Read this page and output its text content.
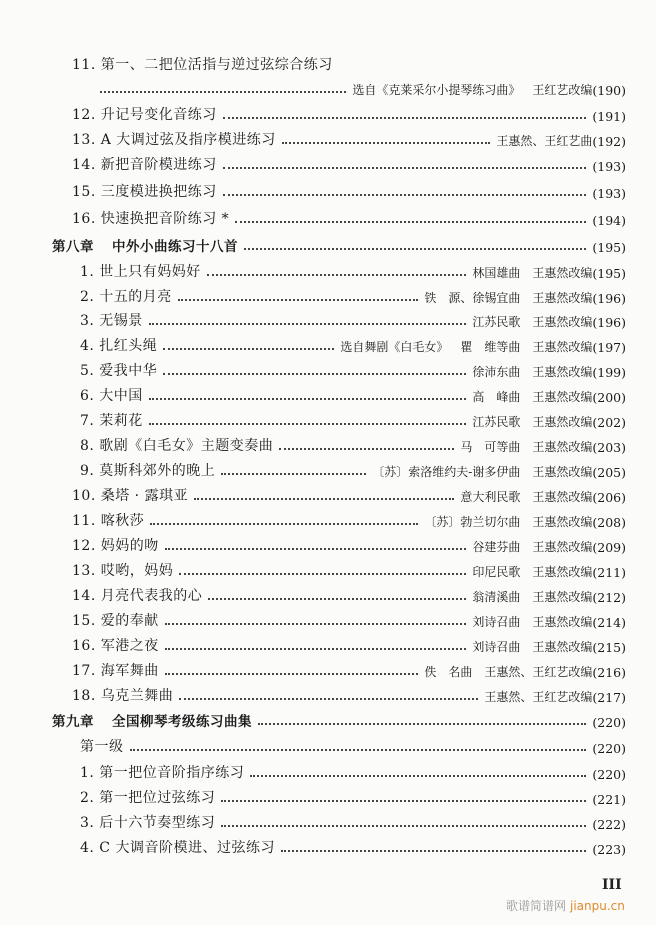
11. 第一、二把位活指与逆过弦综合练习
选自《克莱采尔小提琴练习曲》 王红艺改编 (190)
12. 升记号变化音练习	(191)
13. A 大调过弦及指序模进练习	王惠然、王红艺曲 (192)
14. 新把音阶模进练习	(193)
15. 三度模进换把练习	(193)
16. 快速换把音阶练习 *	(194)
第八章 中外小曲练习十八首	(195)
1. 世上只有妈妈好	林国雄曲 王惠然改编 (195)
2. 十五的月亮	铁　源、徐锡宜曲 王惠然改编 (196)
3. 无锡景	江苏民歌 王惠然改编 (196)
4. 扎红头绳	选自舞剧《白毛女》 瞿　维等曲 王惠然改编 (197)
5. 爱我中华	徐沛东曲 王惠然改编 (199)
6. 大中国	高　峰曲 王惠然改编 (200)
7. 茉莉花	江苏民歌 王惠然改编 (202)
8. 歌剧《白毛女》主题变奏曲	马　可等曲 王惠然改编 (203)
9. 莫斯科郊外的晚上	〔苏〕索洛维约夫-谢多伊曲 王惠然改编 (205)
10. 桑塔 · 露琪亚	意大利民歌 王惠然改编 (206)
11. 喀秋莎	〔苏〕勃兰切尔曲 王惠然改编 (208)
12. 妈妈的吻	谷建芬曲 王惠然改编 (209)
13. 哎哟，妈妈	印尼民歌 王惠然改编 (211)
14. 月亮代表我的心	翁清溪曲 王惠然改编 (212)
15. 爱的奉献	刘诗召曲 王惠然改编 (214)
16. 军港之夜	刘诗召曲 王惠然改编 (215)
17. 海军舞曲	佚　名曲 王惠然、王红艺改编 (216)
18. 乌克兰舞曲	王惠然、王红艺改编 (217)
第九章 全国柳琴考级练习曲集	(220)
第一级	(220)
1. 第一把位音阶指序练习	(220)
2. 第一把位过弦练习	(221)
3. 后十六节奏型练习	(222)
4. C 大调音阶模进、过弦练习	(223)
III
歌谱简谱网 jianpu.cn
